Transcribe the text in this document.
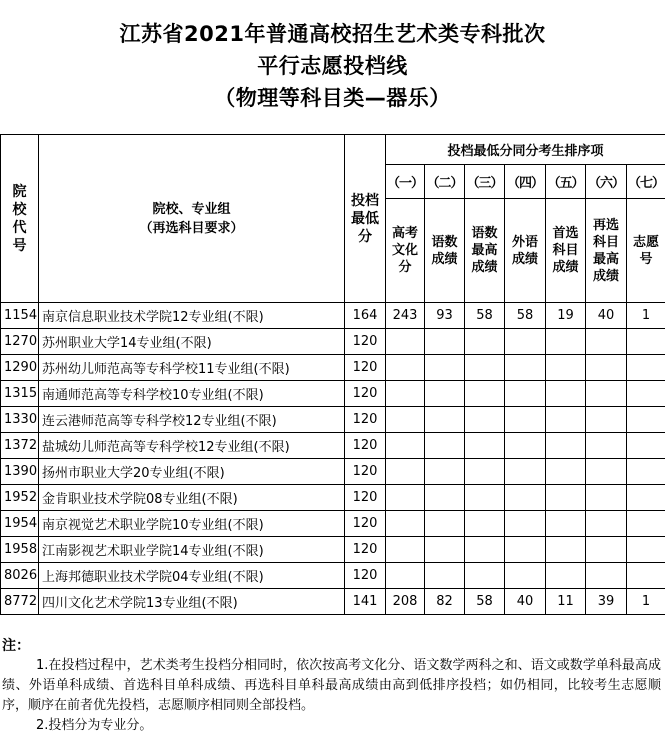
江苏省2021年普通高校招生艺术类专科批次
平行志愿投档线
（物理等科目类—器乐）
院校代号	院校、专业组
（再选科目要求）	投档最低分	投档最低分同分考生排序项						
			（一）	（二）	（三）	（四）	（五）	（六）	（七）
			高考文化分	语数成绩	语数最高成绩	外语成绩	首选科目成绩	再选科目最高成绩	志愿号
1154	南京信息职业技术学院12专业组(不限)	164	243	93	58	58	19	40	1
1270	苏州职业大学14专业组(不限)	120							
1290	苏州幼儿师范高等专科学校11专业组(不限)	120							
1315	南通师范高等专科学校10专业组(不限)	120							
1330	连云港师范高等专科学校12专业组(不限)	120							
1372	盐城幼儿师范高等专科学校12专业组(不限)	120							
1390	扬州市职业大学20专业组(不限)	120							
1952	金肯职业技术学院08专业组(不限)	120							
1954	南京视觉艺术职业学院10专业组(不限)	120							
1958	江南影视艺术职业学院14专业组(不限)	120							
8026	上海邦德职业技术学院04专业组(不限)	120							
8772	四川文化艺术学院13专业组(不限)	141	208	82	58	40	11	39	1
注：

1.在投档过程中，艺术类考生投档分相同时，依次按高考文化分、语文数学两科之和、语文或数学单科最高成绩、外语单科成绩、首选科目单科成绩、再选科目单科最高成绩由高到低排序投档；如仍相同，比较考生志愿顺序，顺序在前者优先投档，志愿顺序相同则全部投档。

2.投档分为专业分。
